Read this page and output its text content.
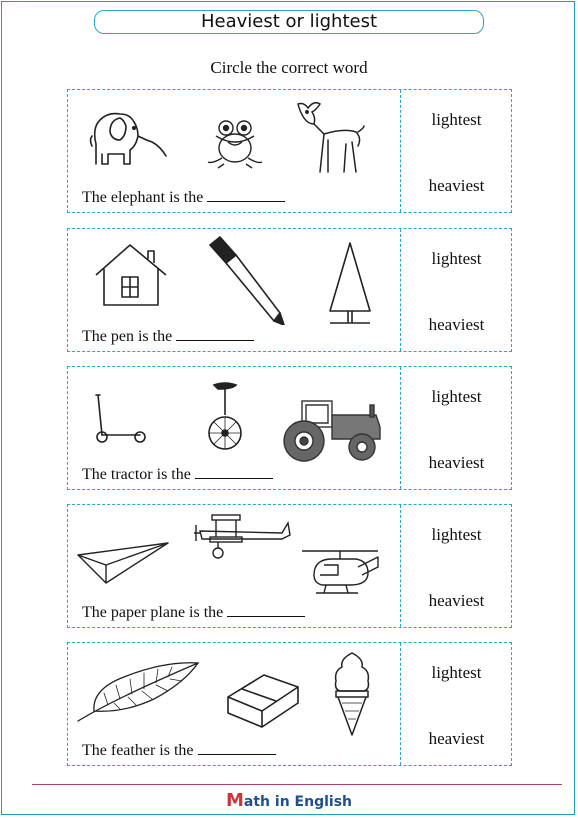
Heaviest or lightest
Circle the correct word
The elephant is the
lightest
heaviest
The pen is the
lightest
heaviest
The tractor is the
lightest
heaviest
The paper plane is the
lightest
heaviest
The feather is the
lightest
heaviest
Math in English
